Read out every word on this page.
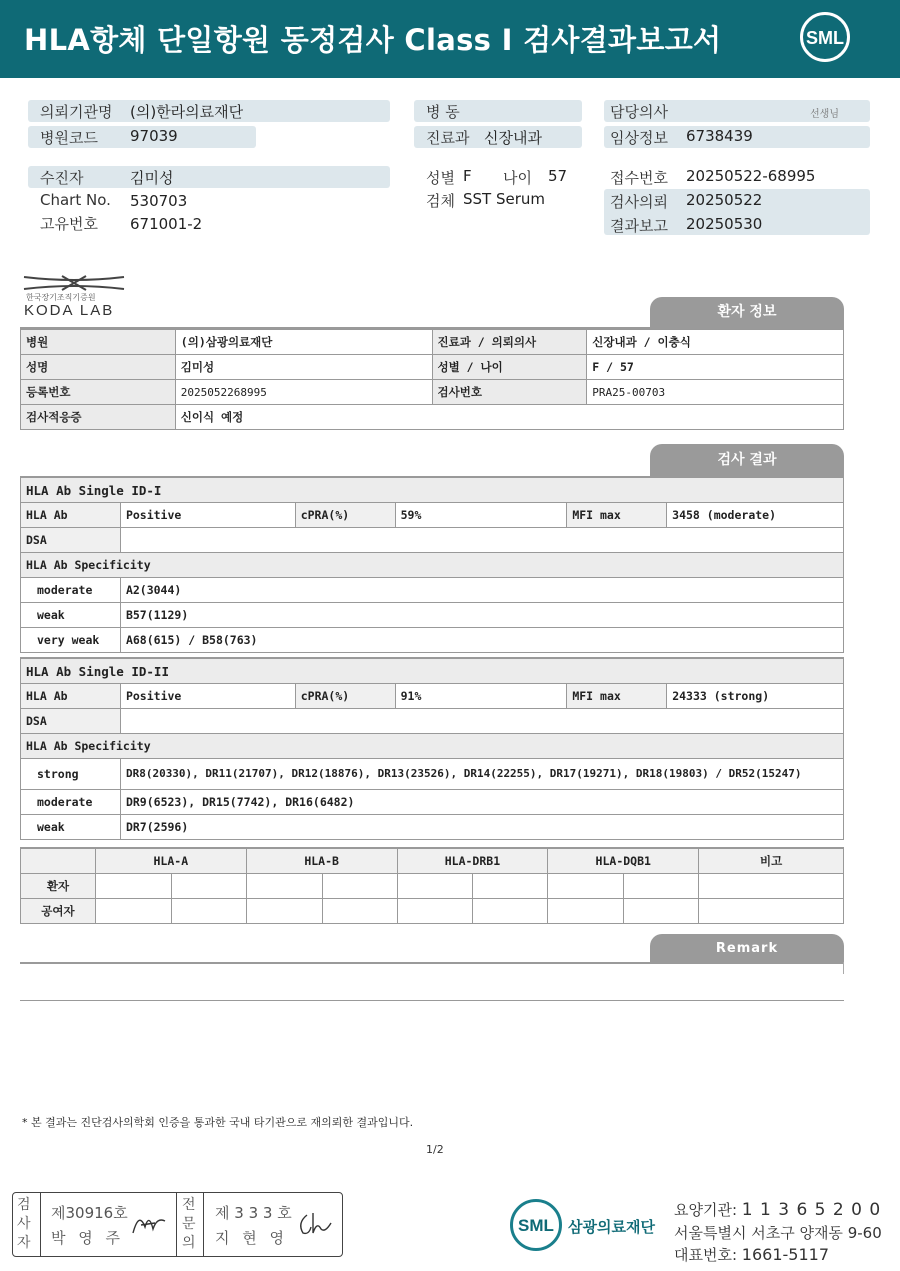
HLA항체 단일항원 동정검사 Class I 검사결과보고서	SML
의뢰기관명 (의)한라의료재단
병원코드 97039
병 동
진료과 신장내과
담당의사	선생님
임상정보 6738439
수진자	김미성
Chart No. 530703
고유번호 671001-2
성별 F 나이 57
검체 SST Serum
접수번호 20250522-68995
검사의뢰 20250522
결과보고 20250530
한국장기조직기증원
KODA LAB	환자 정보
병원	(의)삼광의료재단	진료과 / 의뢰의사	신장내과 / 이충식
성명	김미성	성별 / 나이	F / 57
등록번호	2025052268995	검사번호	PRA25-00703
검사적응증	신이식 예정		
검사 결과
HLA Ab Single ID-I					
HLA Ab	Positive	cPRA(%)	59%	MFI max	3458 (moderate)
DSA					
HLA Ab Specificity					
moderate	A2(3044)				
weak	B57(1129)				
very weak	A68(615) / B58(763)				
HLA Ab Single ID-II					
HLA Ab	Positive	cPRA(%)	91%	MFI max	24333 (strong)
DSA					
HLA Ab Specificity					
strong	DR8(20330), DR11(21707), DR12(18876), DR13(23526), DR14(22255), DR17(19271), DR18(19803) / DR52(15247)				
moderate	DR9(6523), DR15(7742), DR16(6482)				
weak	DR7(2596)				
	HLA-A		HLA-B		HLA-DRB1		HLA-DQB1		비고
환자									
공여자									
Remark
* 본 결과는 진단검사의학회 인증을 통과한 국내 타기관으로 재의뢰한 결과입니다.
1/2
검사자
제30916호
박 영 주
전문의
제 3 3 3 호
지 현 영
SML 삼광의료재단
요양기관: 1 1 3 6 5 2 0 0
서울특별시 서초구 양재동 9-60
대표번호: 1661-5117
